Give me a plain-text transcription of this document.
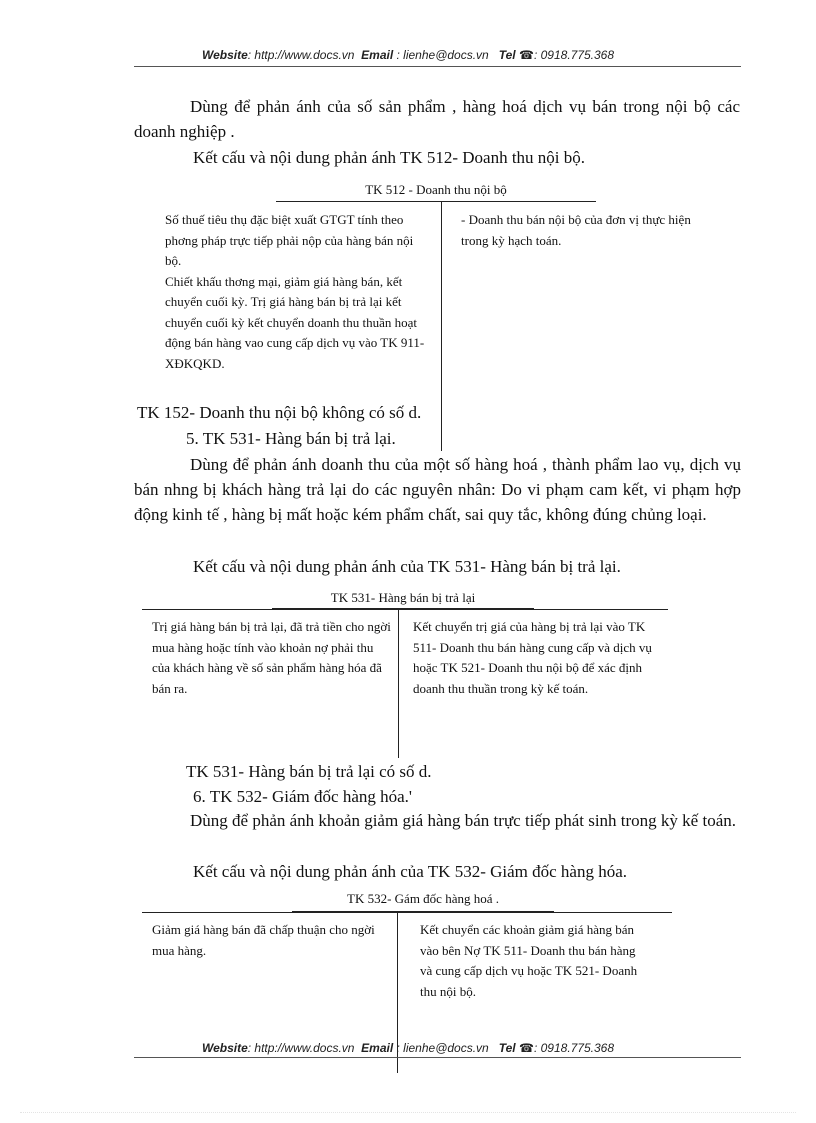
Website: http://www.docs.vn Email : lienhe@docs.vn Tel ☎: 0918.775.368

Dùng để phản ánh của số sản phẩm , hàng hoá dịch vụ bán trong nội bộ các doanh nghiệp .

Kết cấu và nội dung phản ánh TK 512- Doanh thu nội bộ.

TK 512 - Doanh thu nội bộ

Số thuế tiêu thụ đặc biệt xuất GTGT tính theo phơng pháp trực tiếp phải nộp của hàng bán nội bộ.

Chiết khấu thơng mại, giảm giá hàng bán, kết chuyển cuối kỳ. Trị giá hàng bán bị trả lại kết chuyển cuối kỳ kết chuyển doanh thu thuần hoạt động bán hàng vao cung cấp dịch vụ vào TK 911- XĐKQKD.

- Doanh thu bán nội bộ của đơn vị thực hiện trong kỳ hạch toán.

TK 152- Doanh thu nội bộ không có số d.

5. TK 531- Hàng bán bị trả lại.

Dùng để phản ánh doanh thu của một số hàng hoá , thành phẩm lao vụ, dịch vụ bán nhng bị khách hàng trả lại do các nguyên nhân: Do vi phạm cam kết, vi phạm hợp động kinh tế , hàng bị mất hoặc kém phẩm chất, sai quy tắc, không đúng chủng loại.

Kết cấu và nội dung phản ánh của TK 531- Hàng bán bị trả lại.

TK 531- Hàng bán bị trả lại
Trị giá hàng bán bị trả lại, đã trả tiền cho ngời mua hàng hoặc tính vào khoản nợ phải thu của khách hàng về số sản phẩm hàng hóa đã bán ra.
Kết chuyển trị giá của hàng bị trả lại vào TK 511- Doanh thu bán hàng cung cấp và dịch vụ hoặc TK 521- Doanh thu nội bộ để xác định doanh thu thuần trong kỳ kế toán.

TK 531- Hàng bán bị trả lại có số d.

6. TK 532- Giám đốc hàng hóa.'

Dùng để phản ánh khoản giảm giá hàng bán trực tiếp phát sinh trong kỳ kế toán.

Kết cấu và nội dung phản ánh của TK 532- Giám đốc hàng hóa.

TK 532- Gám đốc hàng hoá .
Giảm giá hàng bán đã chấp thuận cho ngời mua hàng.
Kết chuyển các khoản giảm giá hàng bán vào bên Nợ TK 511- Doanh thu bán hàng và cung cấp dịch vụ hoặc TK 521- Doanh thu nội bộ.
Website: http://www.docs.vn Email : lienhe@docs.vn Tel ☎: 0918.775.368
